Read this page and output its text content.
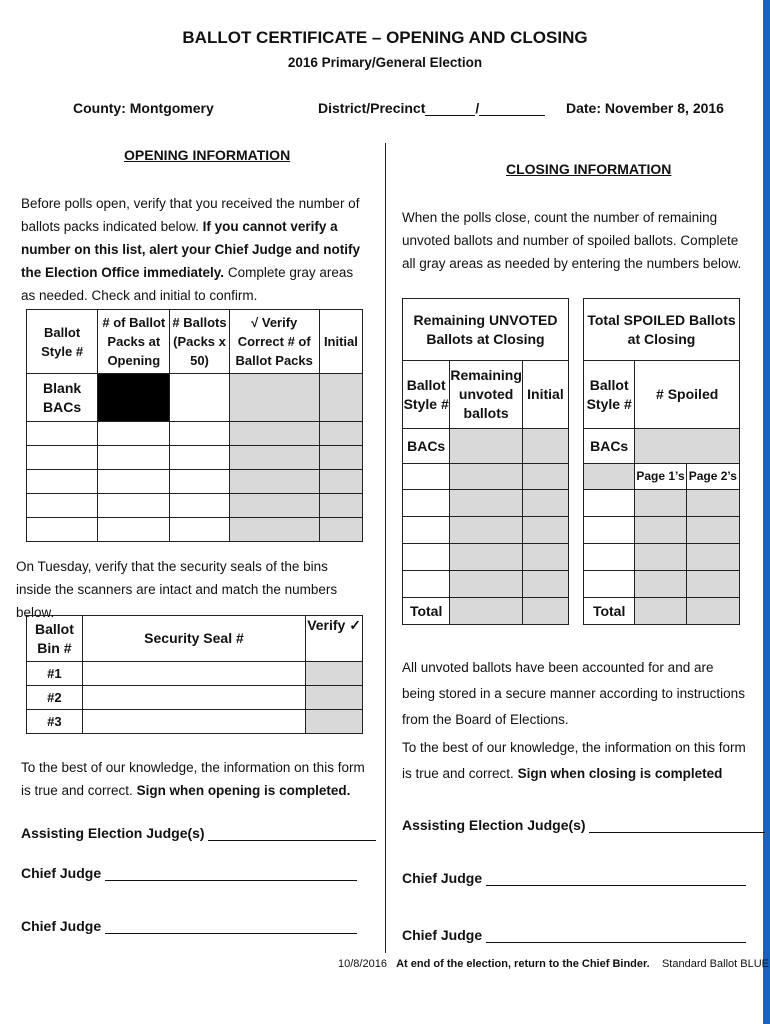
BALLOT CERTIFICATE – OPENING AND CLOSING
2016 Primary/General Election
County: Montgomery	District/Precinct	/	Date: November 8, 2016
OPENING INFORMATION

Before polls open, verify that you received the number of ballots packs indicated below. If you cannot verify a number on this list, alert your Chief Judge and notify the Election Office immediately. Complete gray areas as needed. Check and initial to confirm.

Ballot Style #	# of Ballot Packs at Opening	# Ballots (Packs x 50)	√ Verify Correct # of Ballot Packs	Initial
Blank BACs				

On Tuesday, verify that the security seals of the bins inside the scanners are intact and match the numbers below.

Ballot Bin #	Security Seal #	Verify ✓
#1		
#2		
#3		

To the best of our knowledge, the information on this form is true and correct. Sign when opening is completed.

Assisting Election Judge(s)
Chief Judge
Chief Judge
CLOSING INFORMATION

When the polls close, count the number of remaining unvoted ballots and number of spoiled ballots. Complete all gray areas as needed by entering the numbers below.

Remaining UNVOTED Ballots at Closing		
Ballot Style #	Remaining unvoted ballots	Initial
BACs		

Total		
Total SPOILED Ballots at Closing		
Ballot Style #	# Spoiled	
BACs		
	Page 1’s	Page 2’s

Total		

All unvoted ballots have been accounted for and are being stored in a secure manner according to instructions from the Board of Elections.

To the best of our knowledge, the information on this form is true and correct. Sign when closing is completed

Assisting Election Judge(s)
Chief Judge
Chief Judge
10/8/2016 At end of the election, return to the Chief Binder. Standard Ballot BLUE
